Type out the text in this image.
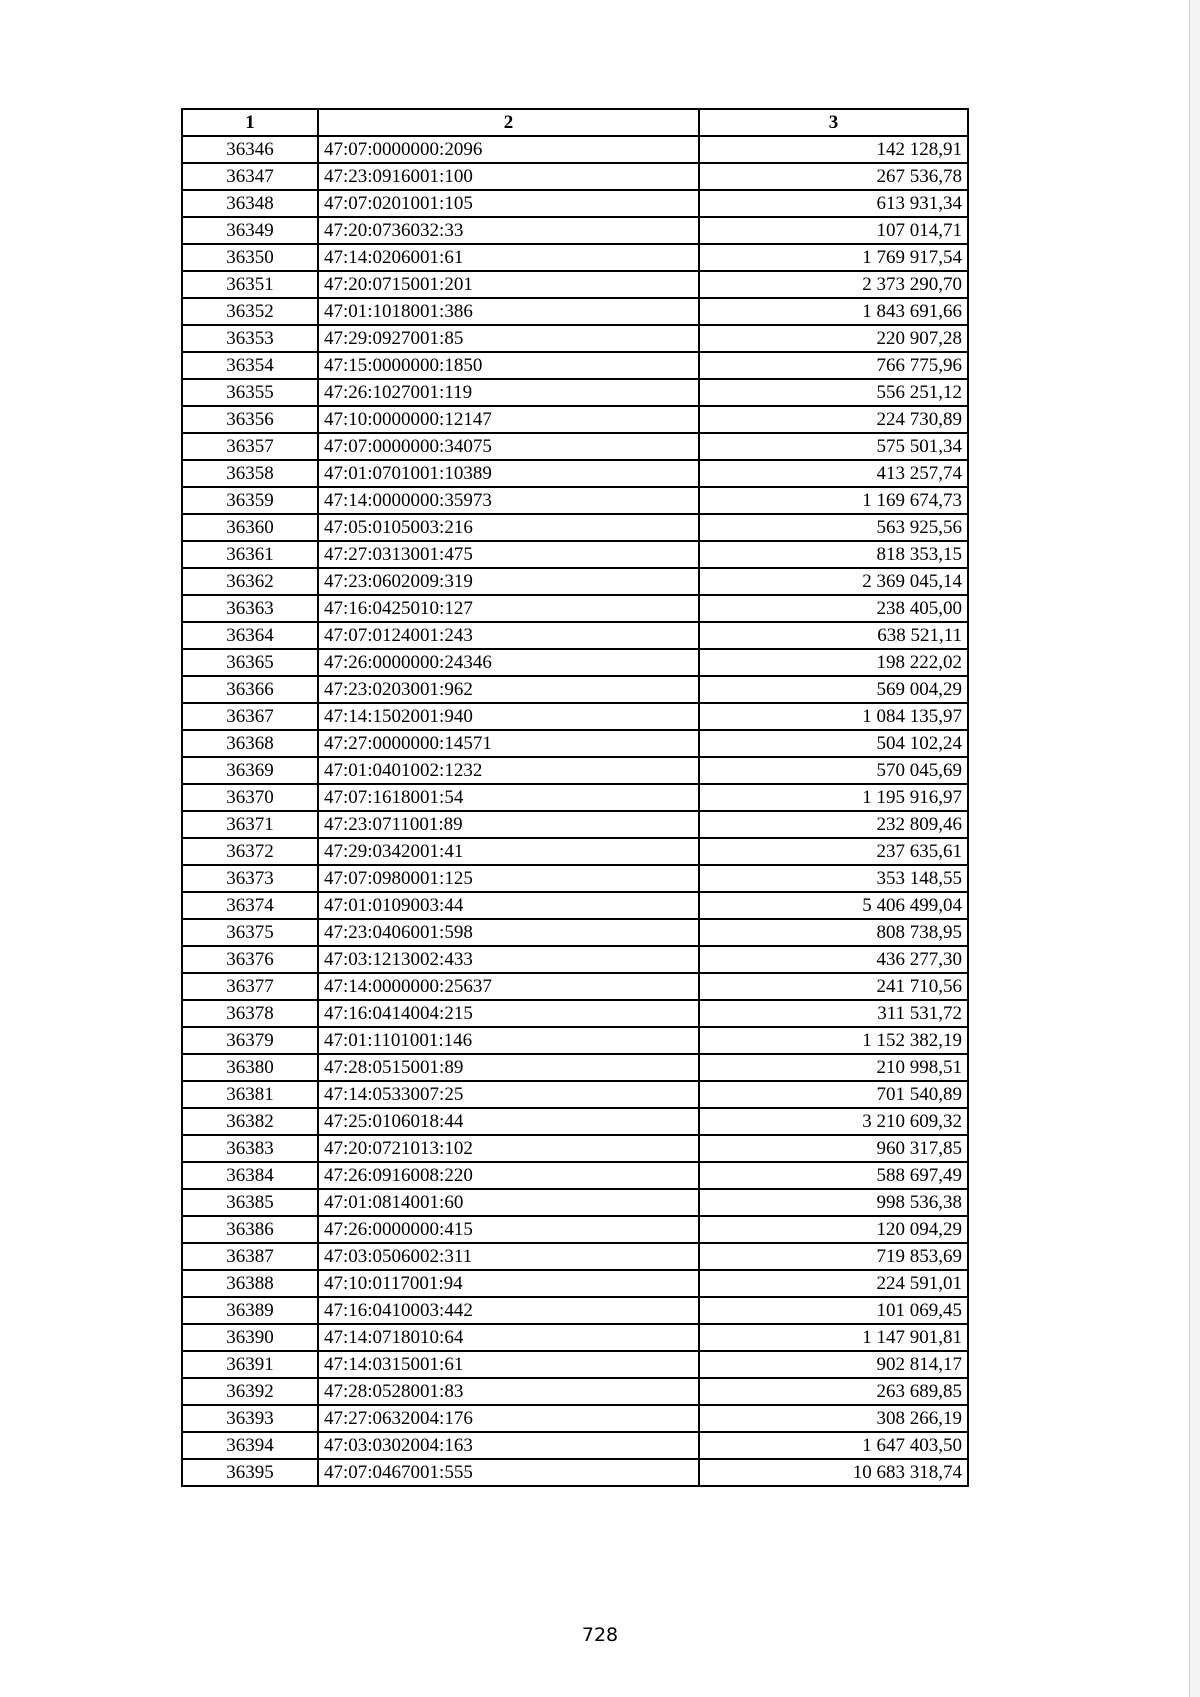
1	2	3
36346	47:07:0000000:2096	142 128,91
36347	47:23:0916001:100	267 536,78
36348	47:07:0201001:105	613 931,34
36349	47:20:0736032:33	107 014,71
36350	47:14:0206001:61	1 769 917,54
36351	47:20:0715001:201	2 373 290,70
36352	47:01:1018001:386	1 843 691,66
36353	47:29:0927001:85	220 907,28
36354	47:15:0000000:1850	766 775,96
36355	47:26:1027001:119	556 251,12
36356	47:10:0000000:12147	224 730,89
36357	47:07:0000000:34075	575 501,34
36358	47:01:0701001:10389	413 257,74
36359	47:14:0000000:35973	1 169 674,73
36360	47:05:0105003:216	563 925,56
36361	47:27:0313001:475	818 353,15
36362	47:23:0602009:319	2 369 045,14
36363	47:16:0425010:127	238 405,00
36364	47:07:0124001:243	638 521,11
36365	47:26:0000000:24346	198 222,02
36366	47:23:0203001:962	569 004,29
36367	47:14:1502001:940	1 084 135,97
36368	47:27:0000000:14571	504 102,24
36369	47:01:0401002:1232	570 045,69
36370	47:07:1618001:54	1 195 916,97
36371	47:23:0711001:89	232 809,46
36372	47:29:0342001:41	237 635,61
36373	47:07:0980001:125	353 148,55
36374	47:01:0109003:44	5 406 499,04
36375	47:23:0406001:598	808 738,95
36376	47:03:1213002:433	436 277,30
36377	47:14:0000000:25637	241 710,56
36378	47:16:0414004:215	311 531,72
36379	47:01:1101001:146	1 152 382,19
36380	47:28:0515001:89	210 998,51
36381	47:14:0533007:25	701 540,89
36382	47:25:0106018:44	3 210 609,32
36383	47:20:0721013:102	960 317,85
36384	47:26:0916008:220	588 697,49
36385	47:01:0814001:60	998 536,38
36386	47:26:0000000:415	120 094,29
36387	47:03:0506002:311	719 853,69
36388	47:10:0117001:94	224 591,01
36389	47:16:0410003:442	101 069,45
36390	47:14:0718010:64	1 147 901,81
36391	47:14:0315001:61	902 814,17
36392	47:28:0528001:83	263 689,85
36393	47:27:0632004:176	308 266,19
36394	47:03:0302004:163	1 647 403,50
36395	47:07:0467001:555	10 683 318,74
728
